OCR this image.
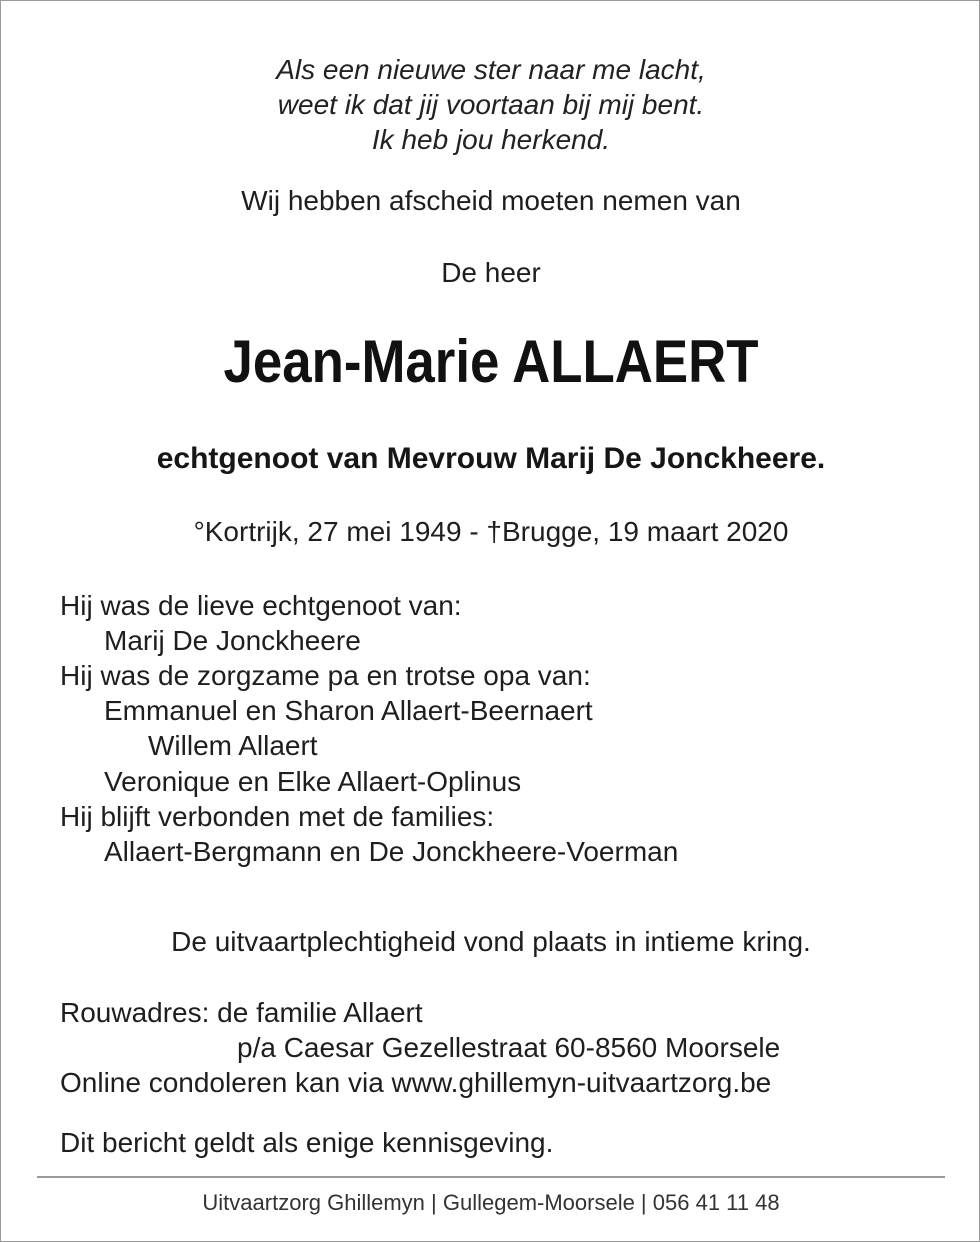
Als een nieuwe ster naar me lacht,

weet ik dat jij voortaan bij mij bent.

Ik heb jou herkend.

Wij hebben afscheid moeten nemen van

De heer

Jean-Marie ALLAERT

echtgenoot van Mevrouw Marij De Jonckheere.

°Kortrijk, 27 mei 1949 - †Brugge, 19 maart 2020

Hij was de lieve echtgenoot van:

Marij De Jonckheere

Hij was de zorgzame pa en trotse opa van:

Emmanuel en Sharon Allaert-Beernaert

Willem Allaert

Veronique en Elke Allaert-Oplinus

Hij blijft verbonden met de families:

Allaert-Bergmann en De Jonckheere-Voerman

De uitvaartplechtigheid vond plaats in intieme kring.

Rouwadres: de familie Allaert

p/a Caesar Gezellestraat 60-8560 Moorsele

Online condoleren kan via www.ghillemyn-uitvaartzorg.be

Dit bericht geldt als enige kennisgeving.

Uitvaartzorg Ghillemyn | Gullegem-Moorsele | 056 41 11 48
